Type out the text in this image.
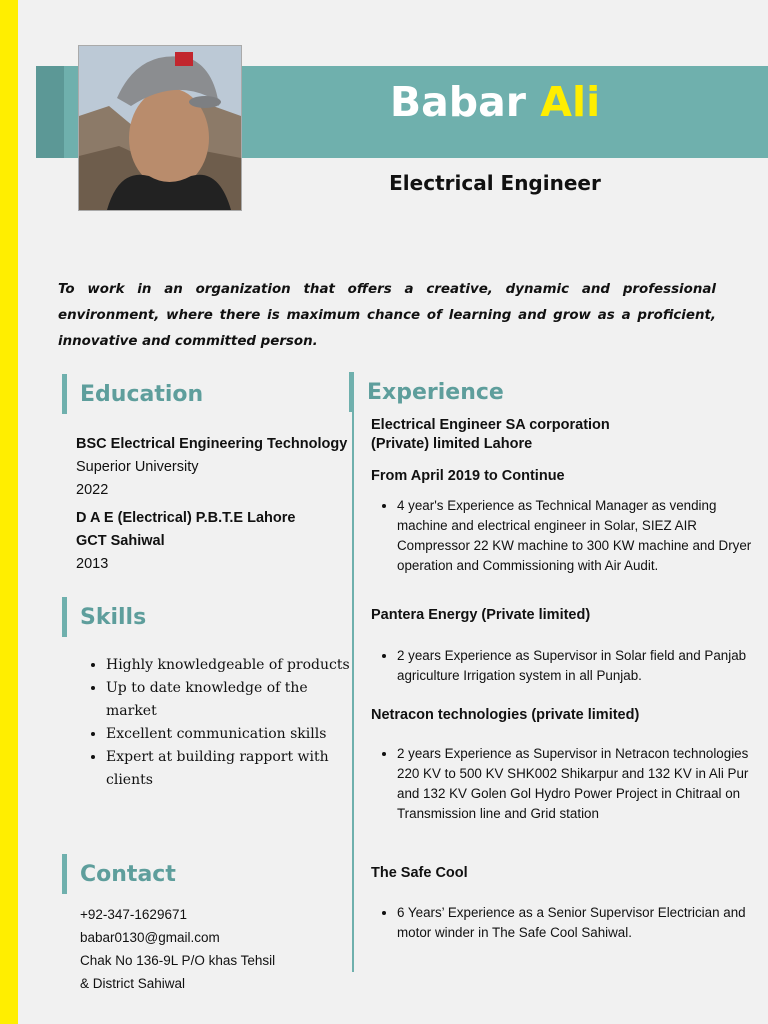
Babar Ali
Electrical Engineer
To work in an organization that offers a creative, dynamic and professional environment, where there is maximum chance of learning and grow as a proficient, innovative and committed person.
Education
BSC Electrical Engineering Technology
Superior University
2022
D A E (Electrical) P.B.T.E Lahore
GCT Sahiwal
2013
Skills
• Highly knowledgeable of products
• Up to date knowledge of the market
• Excellent communication skills
• Expert at building rapport with clients
Contact
+92-347-1629671
babar0130@gmail.com
Chak No 136-9L P/O khas Tehsil
& District Sahiwal
Experience
Electrical Engineer SA corporation
(Private) limited Lahore
From April 2019 to Continue
• 4 year's Experience as Technical Manager as vending machine and electrical engineer in Solar, SIEZ AIR Compressor 22 KW machine to 300 KW machine and Dryer operation and Commissioning with Air Audit.
Pantera Energy (Private limited)
• 2 years Experience as Supervisor in Solar field and Panjab agriculture Irrigation system in all Punjab.
Netracon technologies (private limited)
• 2 years Experience as Supervisor in Netracon technologies 220 KV to 500 KV SHK002 Shikarpur and 132 KV in Ali Pur and 132 KV Golen Gol Hydro Power Project in Chitraal on Transmission line and Grid station
The Safe Cool
• 6 Years’ Experience as a Senior Supervisor Electrician and motor winder in The Safe Cool Sahiwal.
